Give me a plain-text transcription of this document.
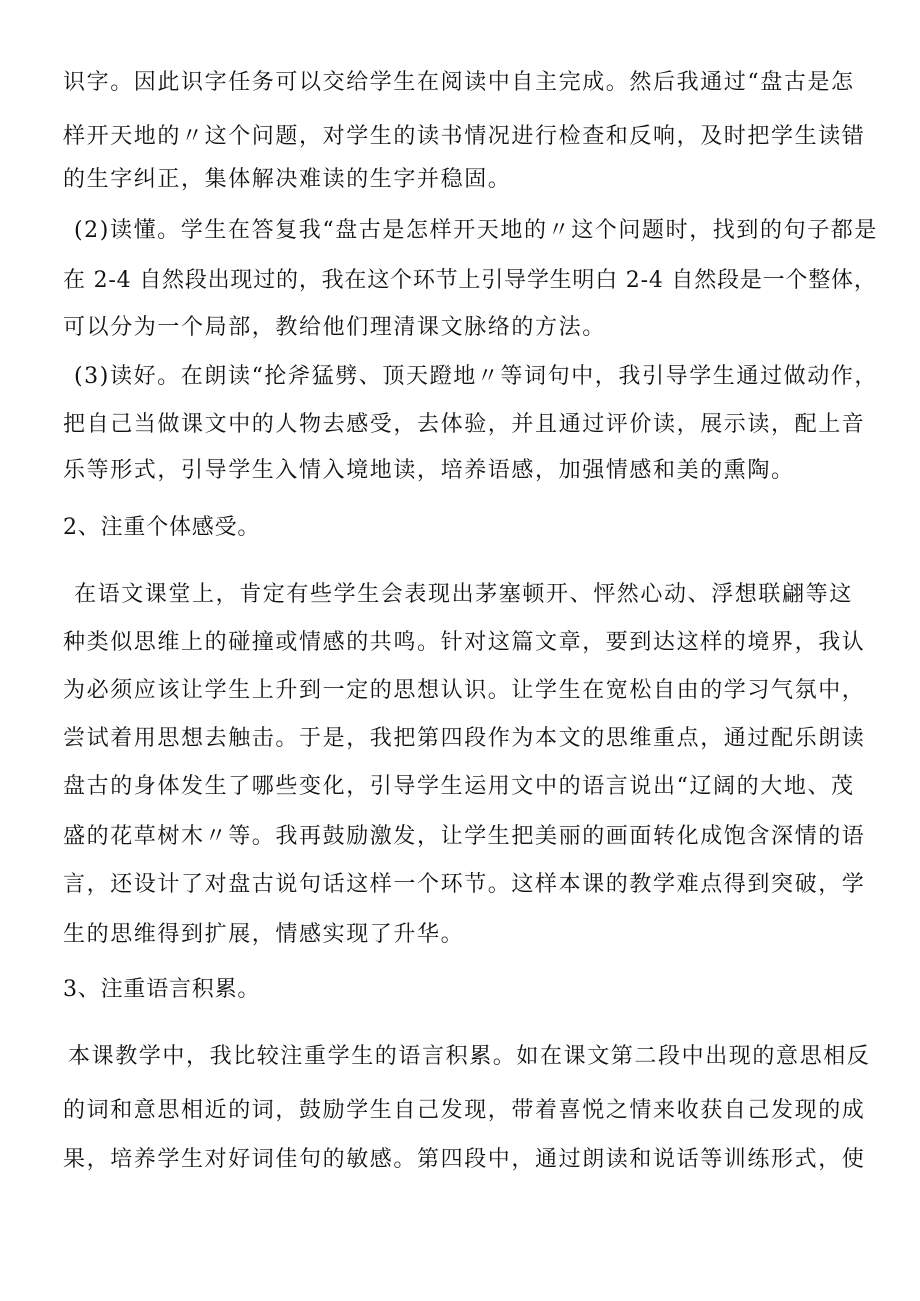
识字。因此识字任务可以交给学生在阅读中自主完成。然后我通过“盘古是怎
样开天地的〃这个问题，对学生的读书情况进行检查和反响，及时把学生读错
的生字纠正，集体解决难读的生字并稳固。
(2)读懂。学生在答复我“盘古是怎样开天地的〃这个问题时，找到的句子都是
在 2-4 自然段出现过的，我在这个环节上引导学生明白 2-4 自然段是一个整体，
可以分为一个局部，教给他们理清课文脉络的方法。
(3)读好。在朗读“抡斧猛劈、顶天蹬地〃等词句中，我引导学生通过做动作，
把自己当做课文中的人物去感受，去体验，并且通过评价读，展示读，配上音
乐等形式，引导学生入情入境地读，培养语感，加强情感和美的熏陶。
2、注重个体感受。
在语文课堂上，肯定有些学生会表现出茅塞顿开、怦然心动、浮想联翩等这
种类似思维上的碰撞或情感的共鸣。针对这篇文章，要到达这样的境界，我认
为必须应该让学生上升到一定的思想认识。让学生在宽松自由的学习气氛中，
尝试着用思想去触击。于是，我把第四段作为本文的思维重点，通过配乐朗读
盘古的身体发生了哪些变化，引导学生运用文中的语言说出“辽阔的大地、茂
盛的花草树木〃等。我再鼓励激发，让学生把美丽的画面转化成饱含深情的语
言，还设计了对盘古说句话这样一个环节。这样本课的教学难点得到突破，学
生的思维得到扩展，情感实现了升华。
3、注重语言积累。
本课教学中，我比较注重学生的语言积累。如在课文第二段中出现的意思相反
的词和意思相近的词，鼓励学生自己发现，带着喜悦之情来收获自己发现的成
果，培养学生对好词佳句的敏感。第四段中，通过朗读和说话等训练形式，使
